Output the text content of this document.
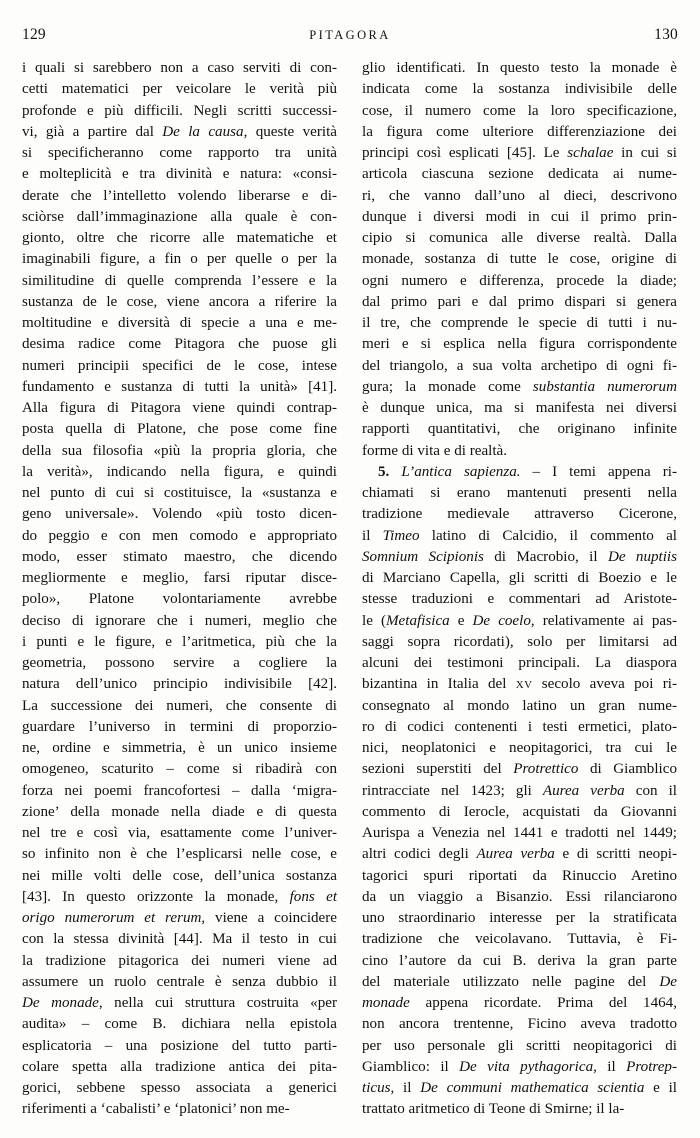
129	PITAGORA	130
i quali si sarebbero non a caso serviti di con-
cetti matematici per veicolare le verità più
profonde e più difficili. Negli scritti successi-
vi, già a partire dal De la causa, queste verità
si specificheranno come rapporto tra unità
e molteplicità e tra divinità e natura: «consi-
derate che l’intelletto volendo liberarse e di-
sciòrse dall’immaginazione alla quale è con-
gionto, oltre che ricorre alle matematiche et
imaginabili figure, a fin o per quelle o per la
similitudine di quelle comprenda l’essere e la
sustanza de le cose, viene ancora a riferire la
moltitudine e diversità di specie a una e me-
desima radice come Pitagora che puose gli
numeri principii specifici de le cose, intese
fundamento e sustanza di tutti la unità» [41].
Alla figura di Pitagora viene quindi contrap-
posta quella di Platone, che pose come fine
della sua filosofia «più la propria gloria, che
la verità», indicando nella figura, e quindi
nel punto di cui si costituisce, la «sustanza e
geno universale». Volendo «più tosto dicen-
do peggio e con men comodo e appropriato
modo, esser stimato maestro, che dicendo
megliormente e meglio, farsi riputar disce-
polo», Platone volontariamente avrebbe
deciso di ignorare che i numeri, meglio che
i punti e le figure, e l’aritmetica, più che la
geometria, possono servire a cogliere la
natura dell’unico principio indivisibile [42].
La successione dei numeri, che consente di
guardare l’universo in termini di proporzio-
ne, ordine e simmetria, è un unico insieme
omogeneo, scaturito – come si ribadirà con
forza nei poemi francofortesi – dalla ‘migra-
zione’ della monade nella diade e di questa
nel tre e così via, esattamente come l’univer-
so infinito non è che l’esplicarsi nelle cose, e
nei mille volti delle cose, dell’unica sostanza
[43]. In questo orizzonte la monade, fons et
origo numerorum et rerum, viene a coincidere
con la stessa divinità [44]. Ma il testo in cui
la tradizione pitagorica dei numeri viene ad
assumere un ruolo centrale è senza dubbio il
De monade, nella cui struttura costruita «per
audita» – come B. dichiara nella epistola
esplicatoria – una posizione del tutto parti-
colare spetta alla tradizione antica dei pita-
gorici, sebbene spesso associata a generici
riferimenti a ‘cabalisti’ e ‘platonici’ non me-
glio identificati. In questo testo la monade è
indicata come la sostanza indivisibile delle
cose, il numero come la loro specificazione,
la figura come ulteriore differenziazione dei
principi così esplicati [45]. Le schalae in cui si
articola ciascuna sezione dedicata ai nume-
ri, che vanno dall’uno al dieci, descrivono
dunque i diversi modi in cui il primo prin-
cipio si comunica alle diverse realtà. Dalla
monade, sostanza di tutte le cose, origine di
ogni numero e differenza, procede la diade;
dal primo pari e dal primo dispari si genera
il tre, che comprende le specie di tutti i nu-
meri e si esplica nella figura corrispondente
del triangolo, a sua volta archetipo di ogni fi-
gura; la monade come substantia numerorum
è dunque unica, ma si manifesta nei diversi
rapporti quantitativi, che originano infinite
forme di vita e di realtà.
5. L’antica sapienza. – I temi appena ri-
chiamati si erano mantenuti presenti nella
tradizione medievale attraverso Cicerone,
il Timeo latino di Calcidio, il commento al
Somnium Scipionis di Macrobio, il De nuptiis
di Marciano Capella, gli scritti di Boezio e le
stesse traduzioni e commentari ad Aristote-
le (Metafisica e De coelo, relativamente ai pas-
saggi sopra ricordati), solo per limitarsi ad
alcuni dei testimoni principali. La diaspora
bizantina in Italia del xv secolo aveva poi ri-
consegnato al mondo latino un gran nume-
ro di codici contenenti i testi ermetici, plato-
nici, neoplatonici e neopitagorici, tra cui le
sezioni superstiti del Protrettico di Giamblico
rintracciate nel 1423; gli Aurea verba con il
commento di Ierocle, acquistati da Giovanni
Aurispa a Venezia nel 1441 e tradotti nel 1449;
altri codici degli Aurea verba e di scritti neopi-
tagorici spuri riportati da Rinuccio Aretino
da un viaggio a Bisanzio. Essi rilanciarono
uno straordinario interesse per la stratificata
tradizione che veicolavano. Tuttavia, è Fi-
cino l’autore da cui B. deriva la gran parte
del materiale utilizzato nelle pagine del De
monade appena ricordate. Prima del 1464,
non ancora trentenne, Ficino aveva tradotto
per uso personale gli scritti neopitagorici di
Giamblico: il De vita pythagorica, il Protrep-
ticus, il De communi mathematica scientia e il
trattato aritmetico di Teone di Smirne; il la-
